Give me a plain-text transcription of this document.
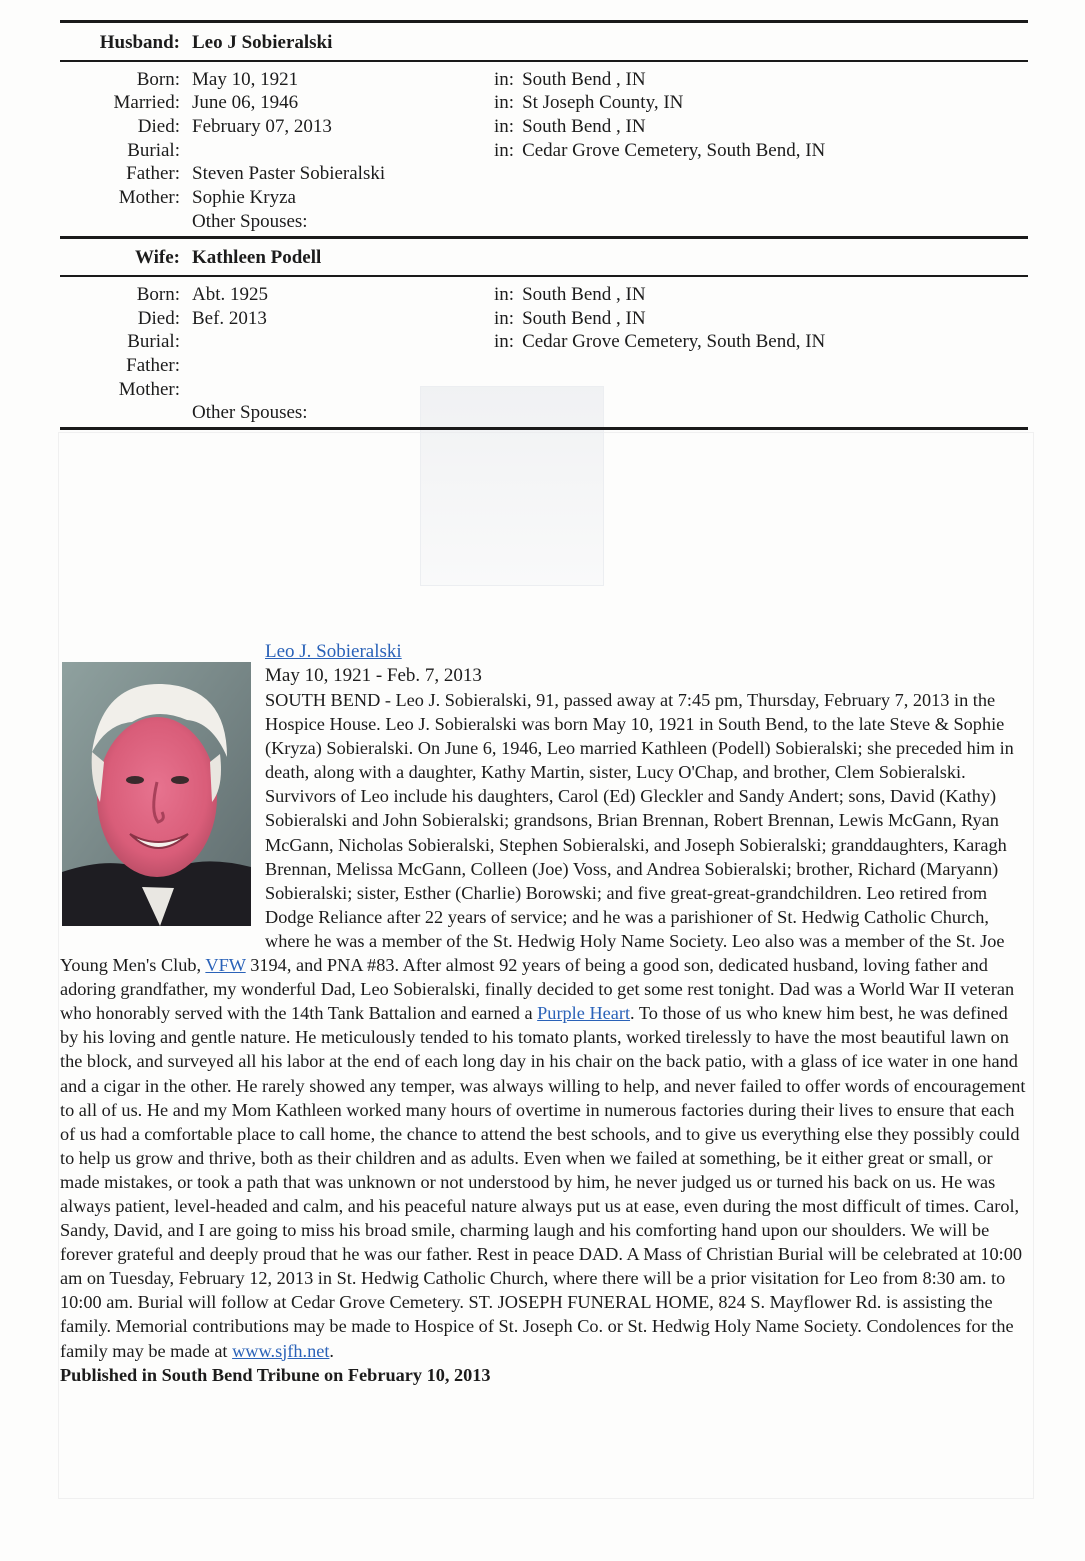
Husband: Leo J Sobieralski
Born: May 10, 1921	in: South Bend , IN
Married: June 06, 1946	in: St Joseph County, IN
Died: February 07, 2013	in: South Bend , IN
Burial:	in: Cedar Grove Cemetery, South Bend, IN
Father: Steven Paster Sobieralski
Mother: Sophie Kryza
Other Spouses:
Wife: Kathleen Podell
Born: Abt. 1925	in: South Bend , IN
Died: Bef. 2013	in: South Bend , IN
Burial:	in: Cedar Grove Cemetery, South Bend, IN
Father:
Mother:
Other Spouses:
Leo J. Sobieralski
May 10, 1921 - Feb. 7, 2013

SOUTH BEND - Leo J. Sobieralski, 91, passed away at 7:45 pm, Thursday, February 7, 2013 in the Hospice House. Leo J. Sobieralski was born May 10, 1921 in South Bend, to the late Steve & Sophie (Kryza) Sobieralski. On June 6, 1946, Leo married Kathleen (Podell) Sobieralski; she preceded him in death, along with a daughter, Kathy Martin, sister, Lucy O'Chap, and brother, Clem Sobieralski. Survivors of Leo include his daughters, Carol (Ed) Gleckler and Sandy Andert; sons, David (Kathy) Sobieralski and John Sobieralski; grandsons, Brian Brennan, Robert Brennan, Lewis McGann, Ryan McGann, Nicholas Sobieralski, Stephen Sobieralski, and Joseph Sobieralski; granddaughters, Karagh Brennan, Melissa McGann, Colleen (Joe) Voss, and Andrea Sobieralski; brother, Richard (Maryann) Sobieralski; sister, Esther (Charlie) Borowski; and five great-great-grandchildren. Leo retired from Dodge Reliance after 22 years of service; and he was a parishioner of St. Hedwig Catholic Church, where he was a member of the St. Hedwig Holy Name Society. Leo also was a member of the St. Joe Young Men's Club, VFW 3194, and PNA #83. After almost 92 years of being a good son, dedicated husband, loving father and adoring grandfather, my wonderful Dad, Leo Sobieralski, finally decided to get some rest tonight. Dad was a World War II veteran who honorably served with the 14th Tank Battalion and earned a Purple Heart. To those of us who knew him best, he was defined by his loving and gentle nature. He meticulously tended to his tomato plants, worked tirelessly to have the most beautiful lawn on the block, and surveyed all his labor at the end of each long day in his chair on the back patio, with a glass of ice water in one hand and a cigar in the other. He rarely showed any temper, was always willing to help, and never failed to offer words of encouragement to all of us. He and my Mom Kathleen worked many hours of overtime in numerous factories during their lives to ensure that each of us had a comfortable place to call home, the chance to attend the best schools, and to give us everything else they possibly could to help us grow and thrive, both as their children and as adults. Even when we failed at something, be it either great or small, or made mistakes, or took a path that was unknown or not understood by him, he never judged us or turned his back on us. He was always patient, level-headed and calm, and his peaceful nature always put us at ease, even during the most difficult of times. Carol, Sandy, David, and I are going to miss his broad smile, charming laugh and his comforting hand upon our shoulders. We will be forever grateful and deeply proud that he was our father. Rest in peace DAD. A Mass of Christian Burial will be celebrated at 10:00 am on Tuesday, February 12, 2013 in St. Hedwig Catholic Church, where there will be a prior visitation for Leo from 8:30 am. to 10:00 am. Burial will follow at Cedar Grove Cemetery. ST. JOSEPH FUNERAL HOME, 824 S. Mayflower Rd. is assisting the family. Memorial contributions may be made to Hospice of St. Joseph Co. or St. Hedwig Holy Name Society. Condolences for the family may be made at www.sjfh.net.
Published in South Bend Tribune on February 10, 2013
